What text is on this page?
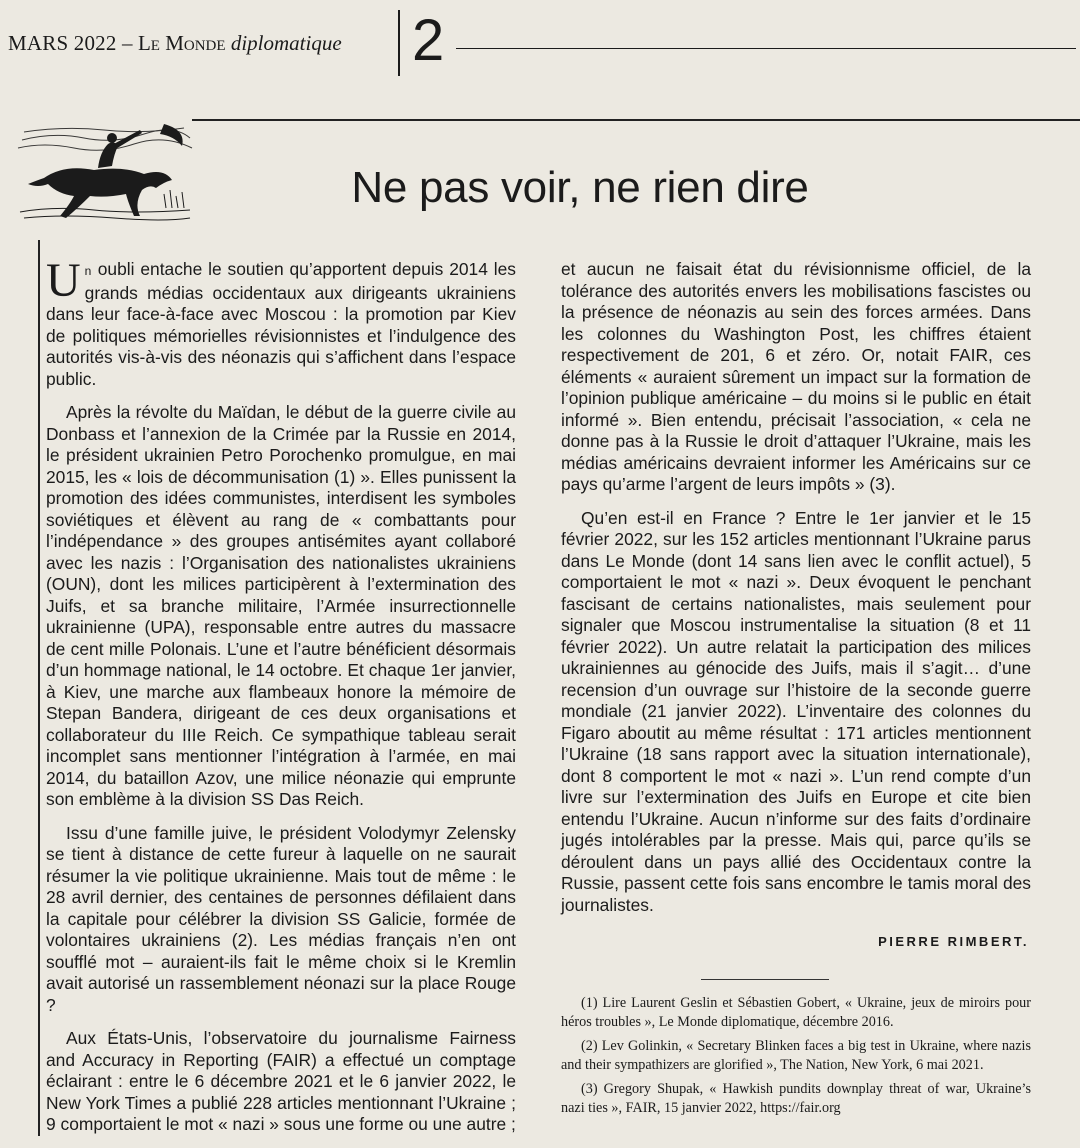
MARS 2022 – Le Monde diplomatique 2
Ne pas voir, ne rien dire

Un oubli entache le soutien qu’apportent depuis 2014 les grands médias occidentaux aux dirigeants ukrainiens dans leur face-à-face avec Moscou : la promotion par Kiev de politiques mémorielles révisionnistes et l’indulgence des autorités vis-à-vis des néonazis qui s’affichent dans l’espace public.

Après la révolte du Maïdan, le début de la guerre civile au Donbass et l’annexion de la Crimée par la Russie en 2014, le président ukrainien Petro Porochenko promulgue, en mai 2015, les « lois de décommunisation (1) ». Elles punissent la promotion des idées communistes, interdisent les symboles soviétiques et élèvent au rang de « combattants pour l’indépendance » des groupes antisémites ayant collaboré avec les nazis : l’Organisation des nationalistes ukrainiens (OUN), dont les milices participèrent à l’extermination des Juifs, et sa branche militaire, l’Armée insurrectionnelle ukrainienne (UPA), responsable entre autres du massacre de cent mille Polonais. L’une et l’autre bénéficient désormais d’un hommage national, le 14 octobre. Et chaque 1er janvier, à Kiev, une marche aux flambeaux honore la mémoire de Stepan Bandera, dirigeant de ces deux organisations et collaborateur du IIIe Reich. Ce sympathique tableau serait incomplet sans mentionner l’intégration à l’armée, en mai 2014, du bataillon Azov, une milice néonazie qui emprunte son emblème à la division SS Das Reich.

Issu d’une famille juive, le président Volodymyr Zelensky se tient à distance de cette fureur à laquelle on ne saurait résumer la vie politique ukrainienne. Mais tout de même : le 28 avril dernier, des centaines de personnes défilaient dans la capitale pour célébrer la division SS Galicie, formée de volontaires ukrainiens (2). Les médias français n’en ont soufflé mot – auraient-ils fait le même choix si le Kremlin avait autorisé un rassemblement néonazi sur la place Rouge ?

Aux États-Unis, l’observatoire du journalisme Fairness and Accuracy in Reporting (FAIR) a effectué un comptage éclairant : entre le 6 décembre 2021 et le 6 janvier 2022, le New York Times a publié 228 articles mentionnant l’Ukraine ; 9 comportaient le mot « nazi » sous une forme ou une autre ;

et aucun ne faisait état du révisionnisme officiel, de la tolérance des autorités envers les mobilisations fascistes ou la présence de néonazis au sein des forces armées. Dans les colonnes du Washington Post, les chiffres étaient respectivement de 201, 6 et zéro. Or, notait FAIR, ces éléments « auraient sûrement un impact sur la formation de l’opinion publique américaine – du moins si le public en était informé ». Bien entendu, précisait l’association, « cela ne donne pas à la Russie le droit d’attaquer l’Ukraine, mais les médias américains devraient informer les Américains sur ce pays qu’arme l’argent de leurs impôts » (3).

Qu’en est-il en France ? Entre le 1er janvier et le 15 février 2022, sur les 152 articles mentionnant l’Ukraine parus dans Le Monde (dont 14 sans lien avec le conflit actuel), 5 comportaient le mot « nazi ». Deux évoquent le penchant fascisant de certains nationalistes, mais seulement pour signaler que Moscou instrumentalise la situation (8 et 11 février 2022). Un autre relatait la participation des milices ukrainiennes au génocide des Juifs, mais il s’agit… d’une recension d’un ouvrage sur l’histoire de la seconde guerre mondiale (21 janvier 2022). L’inventaire des colonnes du Figaro aboutit au même résultat : 171 articles mentionnent l’Ukraine (18 sans rapport avec la situation internationale), dont 8 comportent le mot « nazi ». L’un rend compte d’un livre sur l’extermination des Juifs en Europe et cite bien entendu l’Ukraine. Aucun n’informe sur des faits d’ordinaire jugés intolérables par la presse. Mais qui, parce qu’ils se déroulent dans un pays allié des Occidentaux contre la Russie, passent cette fois sans encombre le tamis moral des journalistes.

PIERRE RIMBERT.

(1) Lire Laurent Geslin et Sébastien Gobert, « Ukraine, jeux de miroirs pour héros troubles », Le Monde diplomatique, décembre 2016.

(2) Lev Golinkin, « Secretary Blinken faces a big test in Ukraine, where nazis and their sympathizers are glorified », The Nation, New York, 6 mai 2021.

(3) Gregory Shupak, « Hawkish pundits downplay threat of war, Ukraine’s nazi ties », FAIR, 15 janvier 2022, https://fair.org
